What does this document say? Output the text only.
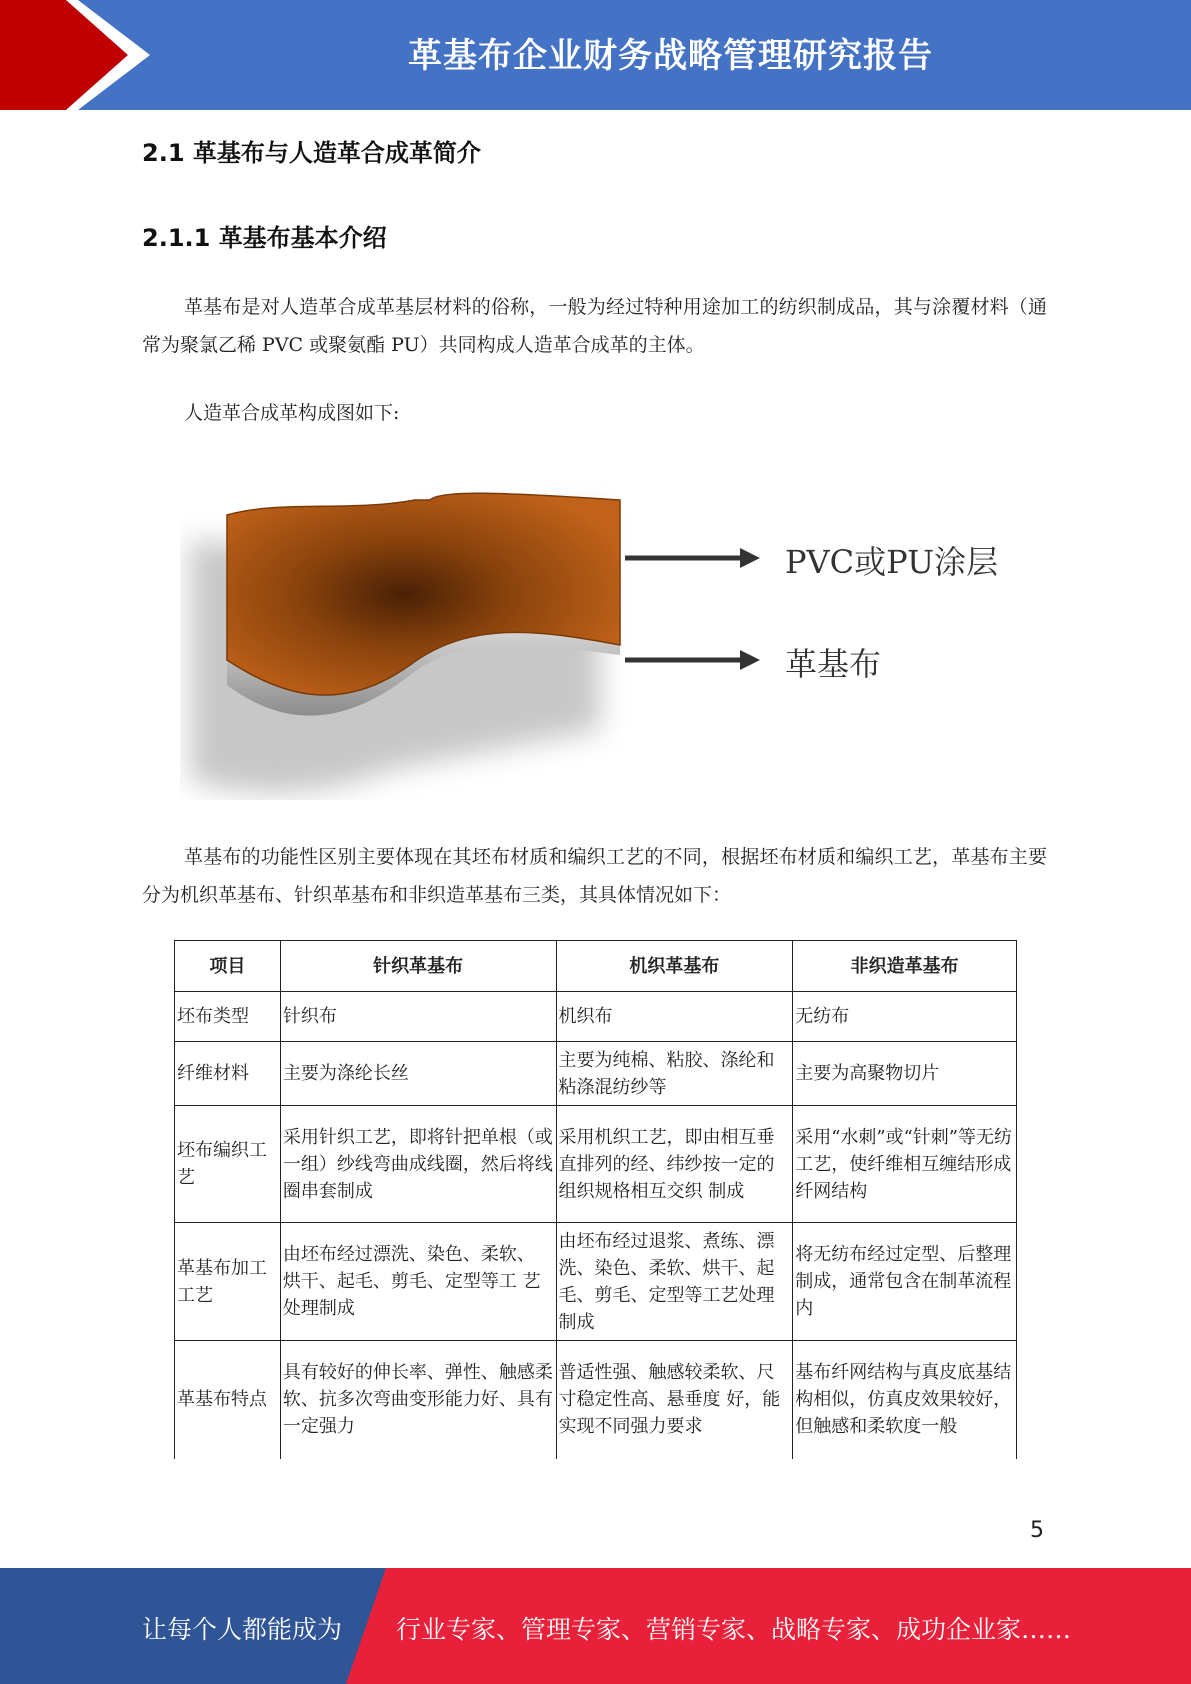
革基布企业财务战略管理研究报告
2.1 革基布与人造革合成革简介
2.1.1 革基布基本介绍

革基布是对人造革合成革基层材料的俗称，一般为经过特种用途加工的纺织制成品，其与涂覆材料（通常为聚氯乙稀 PVC 或聚氨酯 PU）共同构成人造革合成革的主体。

人造革合成革构成图如下:

PVC或PU涂层
革基布

革基布的功能性区别主要体现在其坯布材质和编织工艺的不同，根据坯布材质和编织工艺，革基布主要分为机织革基布、针织革基布和非织造革基布三类，其具体情况如下：

项目	针织革基布	机织革基布	非织造革基布
坯布类型	针织布	机织布	无纺布
纤维材料	主要为涤纶长丝	主要为纯棉、粘胶、涤纶和粘涤混纺纱等	主要为高聚物切片
坯布编织工艺	采用针织工艺，即将针把单根（或一组）纱线弯曲成线圈，然后将线圈串套制成	采用机织工艺，即由相互垂直排列的经、纬纱按一定的组织规格相互交织 制成	采用“水刺”或“针刺”等无纺工艺，使纤维相互缠结形成纤网结构
革基布加工工艺	由坯布经过漂洗、染色、柔软、 烘干、起毛、剪毛、定型等工 艺处理制成	由坯布经过退浆、煮练、漂洗、染色、柔软、烘干、起毛、剪毛、定型等工艺处理制成	将无纺布经过定型、后整理制成，通常包含在制革流程内
革基布特点	具有较好的伸长率、弹性、触感柔软、抗多次弯曲变形能力好、具有一定强力	普适性强、触感较柔软、尺寸稳定性高、悬垂度 好，能实现不同强力要求	基布纤网结构与真皮底基结构相似，仿真皮效果较好，但触感和柔软度一般
5
让每个人都能成为 行业专家、管理专家、营销专家、战略专家、成功企业家……
